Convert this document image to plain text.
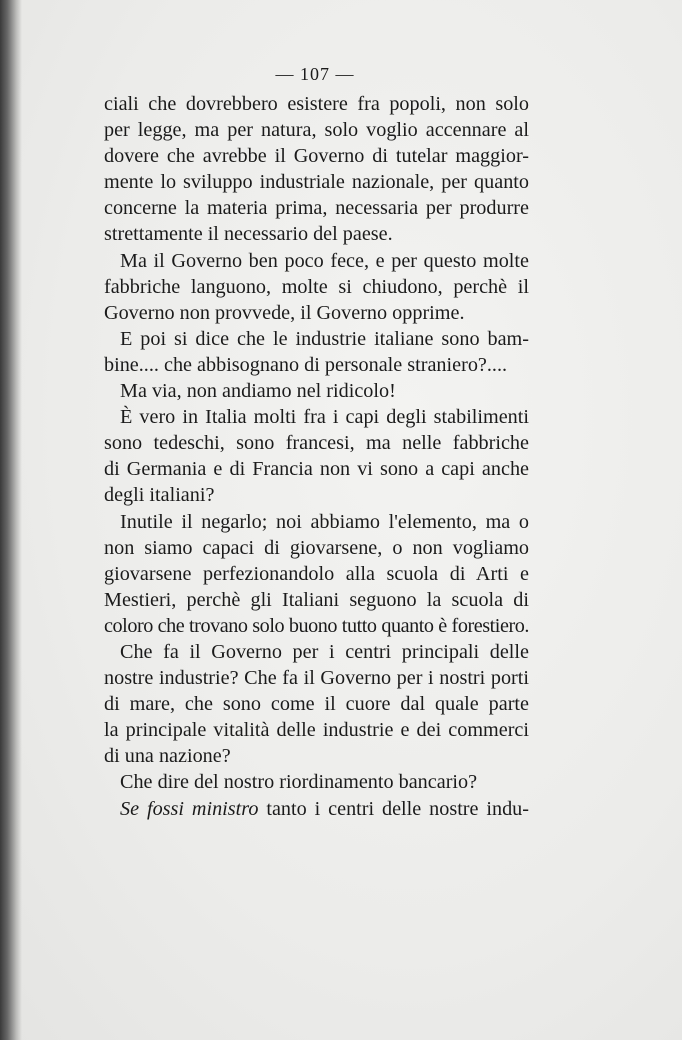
— 107 —
ciali che dovrebbero esistere fra popoli, non solo
per legge, ma per natura, solo voglio accennare al
dovere che avrebbe il Governo di tutelar maggior-
mente lo sviluppo industriale nazionale, per quanto
concerne la materia prima, necessaria per produrre
strettamente il necessario del paese.
Ma il Governo ben poco fece, e per questo molte
fabbriche languono, molte si chiudono, perchè il
Governo non provvede, il Governo opprime.
E poi si dice che le industrie italiane sono bam-
bine.... che abbisognano di personale straniero?....
Ma via, non andiamo nel ridicolo!
È vero in Italia molti fra i capi degli stabilimenti
sono tedeschi, sono francesi, ma nelle fabbriche
di Germania e di Francia non vi sono a capi anche
degli italiani?
Inutile il negarlo; noi abbiamo l'elemento, ma o
non siamo capaci di giovarsene, o non vogliamo
giovarsene perfezionandolo alla scuola di Arti e
Mestieri, perchè gli Italiani seguono la scuola di
coloro che trovano solo buono tutto quanto è forestiero.
Che fa il Governo per i centri principali delle
nostre industrie? Che fa il Governo per i nostri porti
di mare, che sono come il cuore dal quale parte
la principale vitalità delle industrie e dei commerci
di una nazione?
Che dire del nostro riordinamento bancario?
Se fossi ministro tanto i centri delle nostre indu-
